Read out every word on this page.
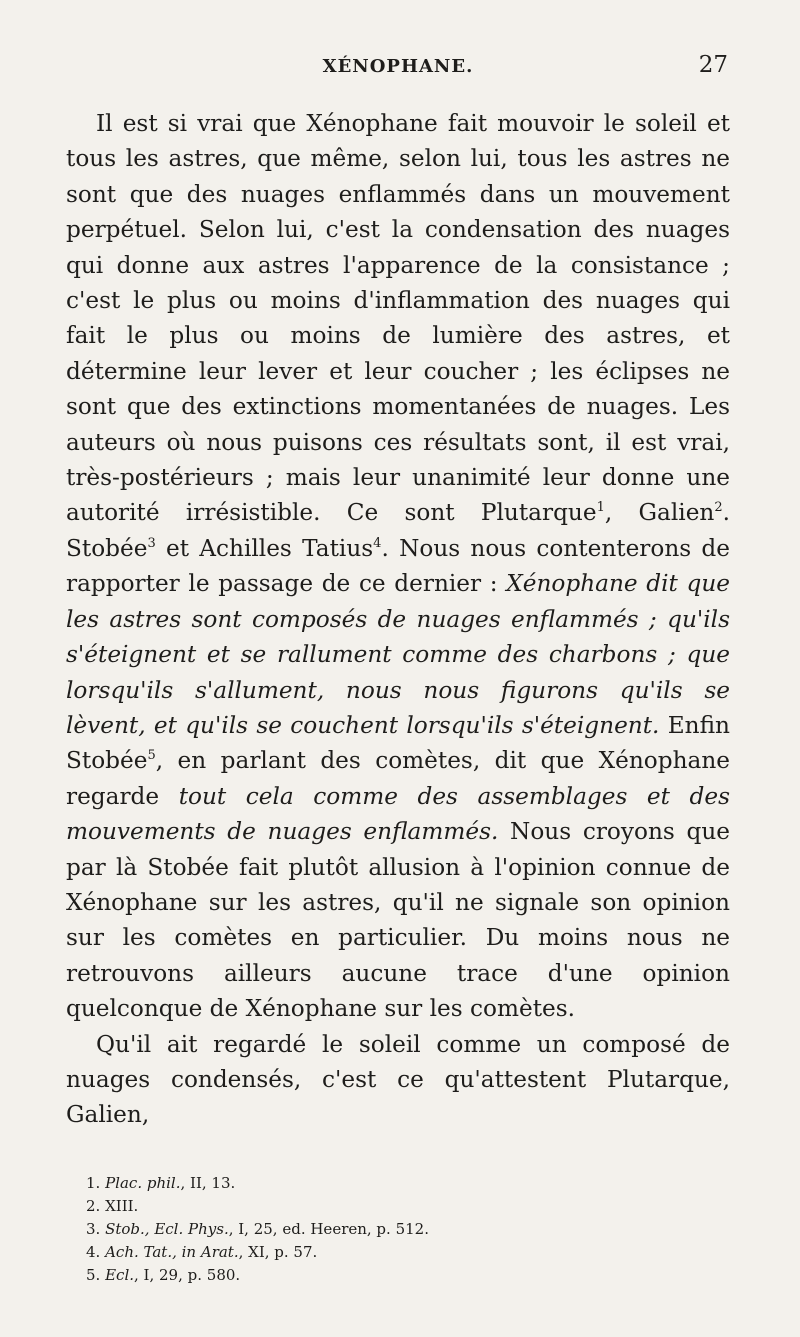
XÉNOPHANE.	27

Il est si vrai que Xénophane fait mouvoir le soleil et tous les astres, que même, selon lui, tous les astres ne sont que des nuages enflammés dans un mouvement perpétuel. Selon lui, c'est la condensation des nuages qui donne aux astres l'apparence de la consistance ; c'est le plus ou moins d'inflammation des nuages qui fait le plus ou moins de lumière des astres, et détermine leur lever et leur coucher ; les éclipses ne sont que des extinctions momentanées de nuages. Les auteurs où nous puisons ces résultats sont, il est vrai, très-postérieurs ; mais leur unanimité leur donne une autorité irrésistible. Ce sont Plutarque$^1$, Galien$^2$. Stobée$^3$ et Achilles Tatius$^4$. Nous nous contenterons de rapporter le passage de ce dernier : Xénophane dit que les astres sont composés de nuages enflammés ; qu'ils s'éteignent et se rallument comme des charbons ; que lorsqu'ils s'allument, nous nous figurons qu'ils se lèvent, et qu'ils se couchent lorsqu'ils s'éteignent. Enfin Stobée$^5$, en parlant des comètes, dit que Xénophane regarde tout cela comme des assemblages et des mouvements de nuages enflammés. Nous croyons que par là Stobée fait plutôt allusion à l'opinion connue de Xénophane sur les astres, qu'il ne signale son opinion sur les comètes en particulier. Du moins nous ne retrouvons ailleurs aucune trace d'une opinion quelconque de Xénophane sur les comètes.

Qu'il ait regardé le soleil comme un composé de nuages condensés, c'est ce qu'attestent Plutarque, Galien,

1. Plac. phil., II, 13.
2. XIII.
3. Stob., Ecl. Phys., I, 25, ed. Heeren, p. 512.
4. Ach. Tat., in Arat., XI, p. 57.
5. Ecl., I, 29, p. 580.
